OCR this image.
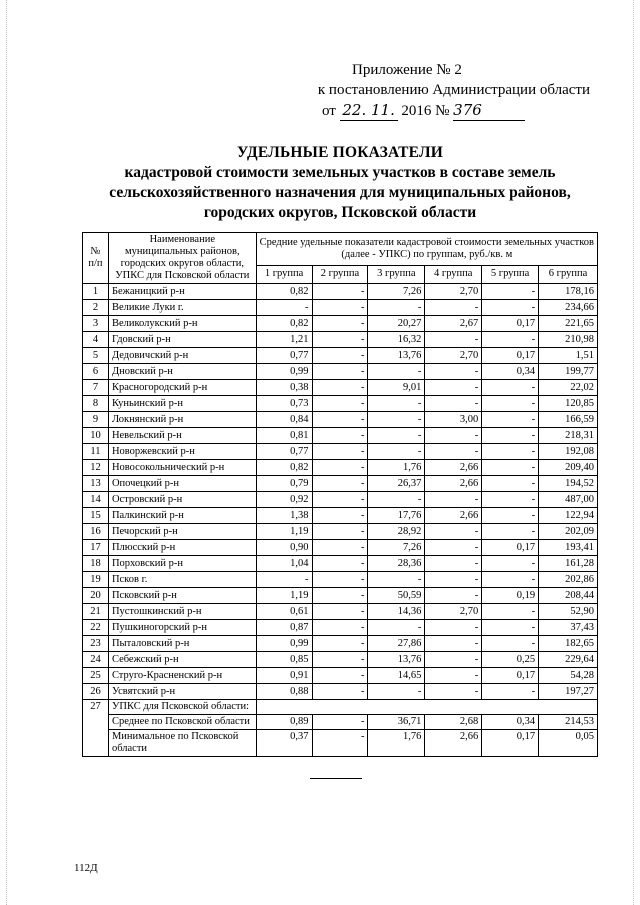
Приложение № 2
к постановлению Администрации области
от 22. 11. 2016 № 376
УДЕЛЬНЫЕ ПОКАЗАТЕЛИ
кадастровой стоимости земельных участков в составе земель
сельскохозяйственного назначения для муниципальных районов,
городских округов, Псковской области
№ п/п	Наименование муниципальных районов, городских округов области, УПКС для Псковской области	Средние удельные показатели кадастровой стоимости земельных участков (далее - УПКС) по группам, руб./кв. м					
		1 группа	2 группа	3 группа	4 группа	5 группа	6 группа
1	Бежаницкий р-н	0,82	-	7,26	2,70	-	178,16
2	Великие Луки г.	-	-	-	-	-	234,66
3	Великолукский р-н	0,82	-	20,27	2,67	0,17	221,65
4	Гдовский р-н	1,21	-	16,32	-	-	210,98
5	Дедовичский р-н	0,77	-	13,76	2,70	0,17	1,51
6	Дновский р-н	0,99	-	-	-	0,34	199,77
7	Красногородский р-н	0,38	-	9,01	-	-	22,02
8	Куньинский р-н	0,73	-	-	-	-	120,85
9	Локнянский р-н	0,84	-	-	3,00	-	166,59
10	Невельский р-н	0,81	-	-	-	-	218,31
11	Новоржевский р-н	0,77	-	-	-	-	192,08
12	Новосокольнический р-н	0,82	-	1,76	2,66	-	209,40
13	Опочецкий р-н	0,79	-	26,37	2,66	-	194,52
14	Островский р-н	0,92	-	-	-	-	487,00
15	Палкинский р-н	1,38	-	17,76	2,66	-	122,94
16	Печорский р-н	1,19	-	28,92	-	-	202,09
17	Плюсский р-н	0,90	-	7,26	-	0,17	193,41
18	Порховский р-н	1,04	-	28,36	-	-	161,28
19	Псков г.	-	-	-	-	-	202,86
20	Псковский р-н	1,19	-	50,59	-	0,19	208,44
21	Пустошкинский р-н	0,61	-	14,36	2,70	-	52,90
22	Пушкиногорский р-н	0,87	-	-	-	-	37,43
23	Пыталовский р-н	0,99	-	27,86	-	-	182,65
24	Себежский р-н	0,85	-	13,76	-	0,25	229,64
25	Струго-Красненский р-н	0,91	-	14,65	-	0,17	54,28
26	Усвятский р-н	0,88	-	-	-	-	197,27
27	УПКС для Псковской области:						
	Среднее по Псковской области	0,89	-	36,71	2,68	0,34	214,53
	Минимальное по Псковской области	0,37	-	1,76	2,66	0,17	0,05
112Д
